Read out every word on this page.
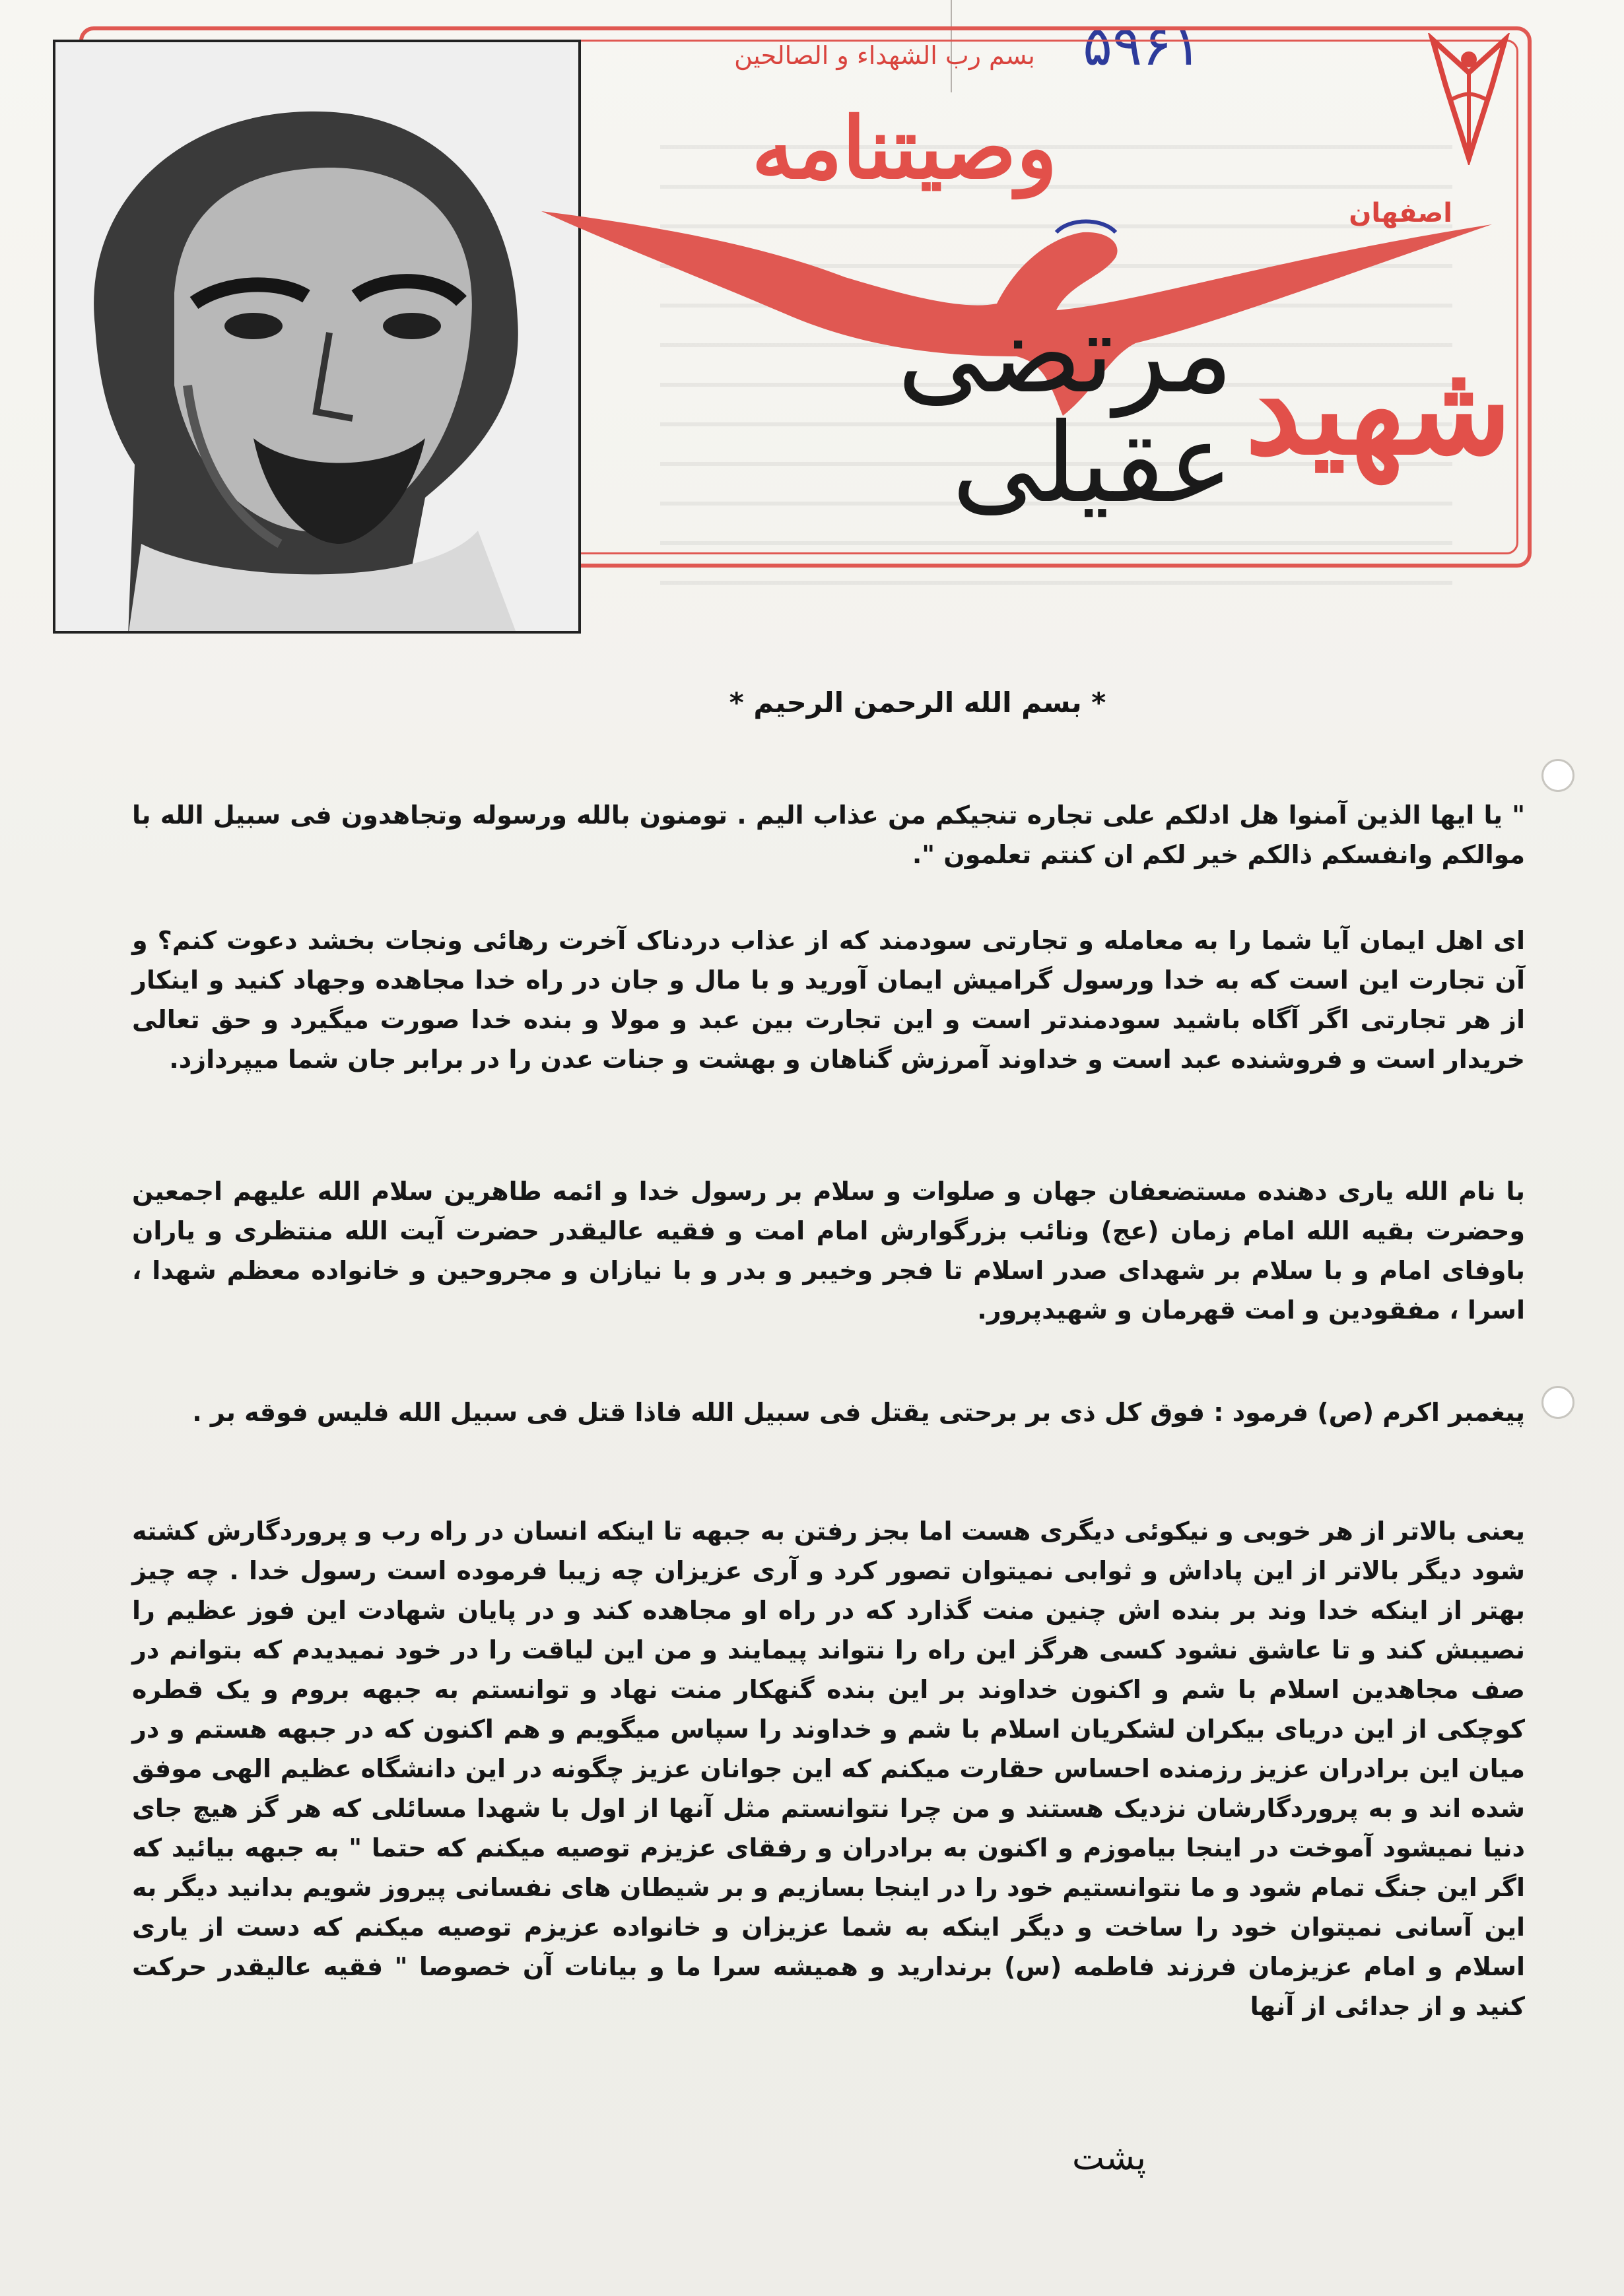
۵۹۶۱
بسم رب الشهداء و الصالحین
وصیتنامه
اصفهان
شهید
مرتضی عقیلی
* بسم الله الرحمن الرحیم *

" یا ایها الذین آمنوا هل ادلکم علی تجاره تنجیکم من عذاب الیم . تومنون بالله ورسوله وتجاهدون فی سبیل الله با موالکم وانفسکم ذالکم خیر لکم ان کنتم تعلمون ".

ای اهل ایمان آیا شما را به معامله و تجارتی سودمند که از عذاب دردناک آخرت رهائی ونجات بخشد دعوت کنم؟ و آن تجارت این است که به خدا ورسول گرامیش ایمان آورید و با مال و جان در راه خدا مجاهده وجهاد کنید و اینکار از هر تجارتی اگر آگاه باشید سودمندتر است و این تجارت بین عبد و مولا و بنده خدا صورت میگیرد و حق تعالی خریدار است و فروشنده عبد است و خداوند آمرزش گناهان و بهشت و جنات عدن را در برابر جان شما میپردازد.

با نام الله یاری دهنده مستضعفان جهان و صلوات و سلام بر رسول خدا و ائمه طاهرین سلام الله علیهم اجمعین وحضرت بقیه الله امام زمان (عج) ونائب بزرگوارش امام امت و فقیه عالیقدر حضرت آیت الله منتظری و یاران باوفای امام و با سلام بر شهدای صدر اسلام تا فجر وخیبر و بدر و با نیازان و مجروحین و خانواده معظم شهدا ، اسرا ، مفقودین و امت قهرمان و شهیدپرور.

پیغمبر اکرم (ص) فرمود : فوق کل ذی بر برحتی یقتل فی سبیل الله فاذا قتل فی سبیل الله فلیس فوقه بر .

یعنی بالاتر از هر خوبی و نیکوئی دیگری هست اما بجز رفتن به جبهه تا اینکه انسان در راه رب و پروردگارش کشته شود دیگر بالاتر از این پاداش و ثوابی نمیتوان تصور کرد و آری عزیزان چه زیبا فرموده است رسول خدا . چه چیز بهتر از اینکه خدا وند بر بنده اش چنین منت گذارد که در راه او مجاهده کند و در پایان شهادت این فوز عظیم را نصیبش کند و تا عاشق نشود کسی هرگز این راه را نتواند پیمایند و من این لیاقت را در خود نمیدیدم که بتوانم در صف مجاهدین اسلام با شم و اکنون خداوند بر این بنده گنهکار منت نهاد و توانستم به جبهه بروم و یک قطره کوچکی از این دریای بیکران لشکریان اسلام با شم و خداوند را سپاس میگویم و هم اکنون که در جبهه هستم و در میان این برادران عزیز رزمنده احساس حقارت میکنم که این جوانان عزیز چگونه در این دانشگاه عظیم الهی موفق شده اند و به پروردگارشان نزدیک هستند و من چرا نتوانستم مثل آنها از اول با شهدا مسائلی که هر گز هیچ جای دنیا نمیشود آموخت در اینجا بیاموزم و اکنون به برادران و رفقای عزیزم توصیه میکنم که حتما " به جبهه بیائید که اگر این جنگ تمام شود و ما نتوانستیم خود را در اینجا بسازیم و بر شیطان های نفسانی پیروز شویم بدانید دیگر به این آسانی نمیتوان خود را ساخت و دیگر اینکه به شما عزیزان و خانواده عزیزم توصیه میکنم که دست از یاری اسلام و امام عزیزمان فرزند فاطمه (س) برندارید و همیشه سرا ما و بیانات آن خصوصا " فقیه عالیقدر حرکت کنید و از جدائی از آنها

پشت
